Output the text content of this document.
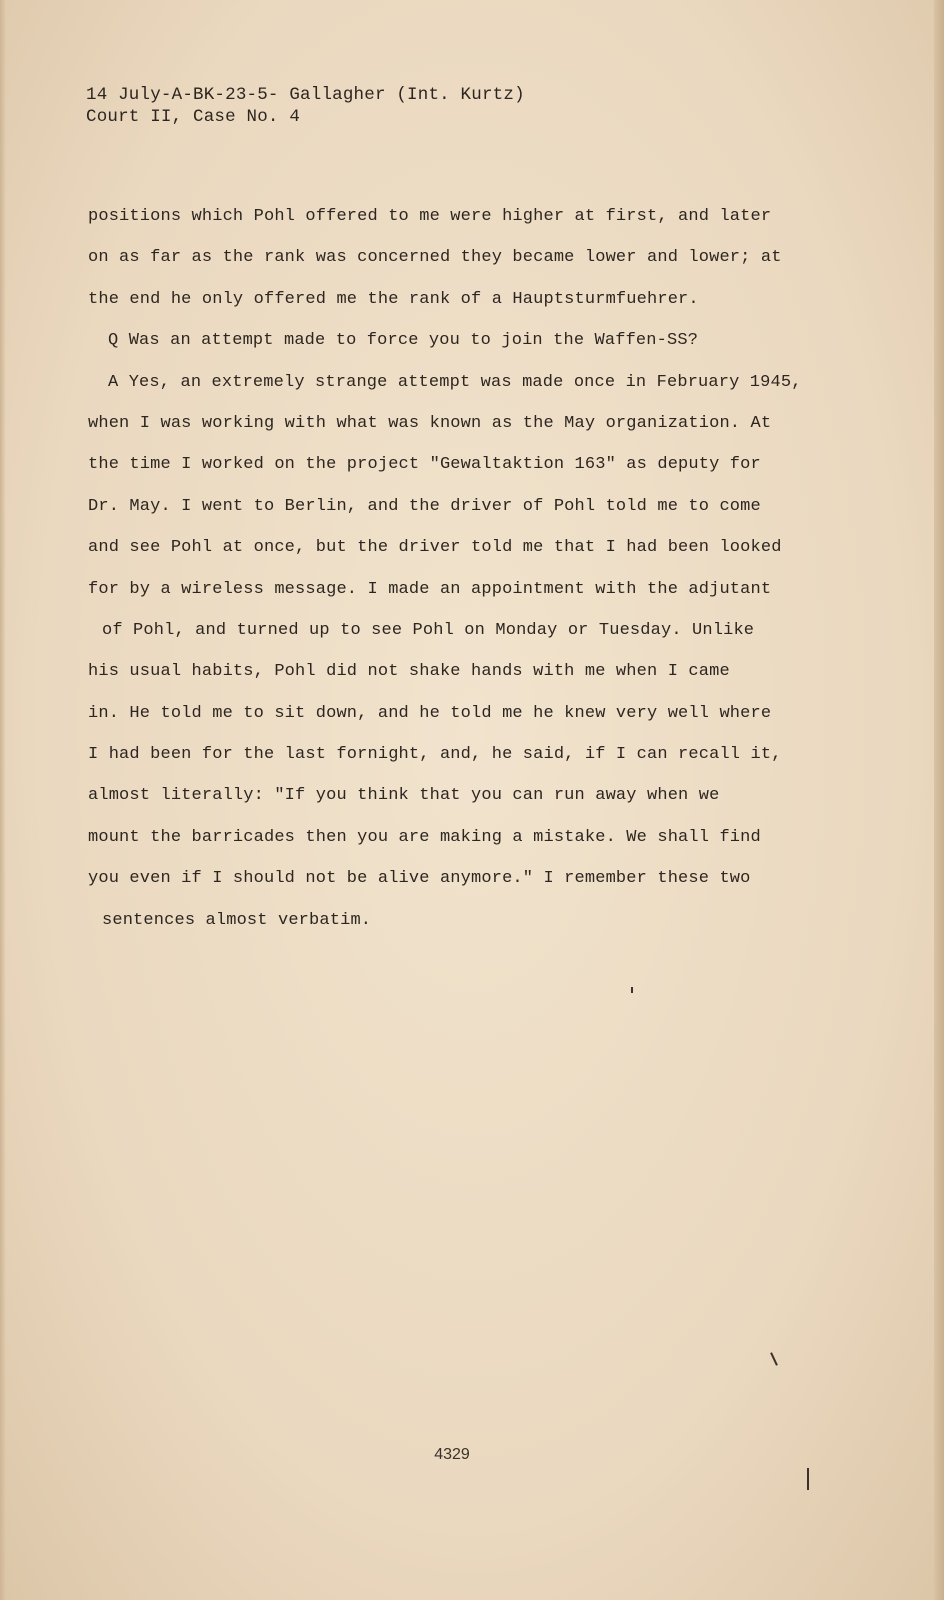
14 July-A-BK-23-5- Gallagher (Int. Kurtz)
Court II, Case No. 4
positions which Pohl offered to me were higher at first, and later
on as far as the rank was concerned they became lower and lower; at
the end he only offered me the rank of a Hauptsturmfuehrer.
Q Was an attempt made to force you to join the Waffen-SS?
A Yes, an extremely strange attempt was made once in February 1945,
when I was working with what was known as the May organization. At
the time I worked on the project "Gewaltaktion 163" as deputy for
Dr. May. I went to Berlin, and the driver of Pohl told me to come
and see Pohl at once, but the driver told me that I had been looked
for by a wireless message. I made an appointment with the adjutant
of Pohl, and turned up to see Pohl on Monday or Tuesday. Unlike
his usual habits, Pohl did not shake hands with me when I came
in. He told me to sit down, and he told me he knew very well where
I had been for the last fornight, and, he said, if I can recall it,
almost literally: "If you think that you can run away when we
mount the barricades then you are making a mistake. We shall find
you even if I should not be alive anymore." I remember these two
sentences almost verbatim.
4329
